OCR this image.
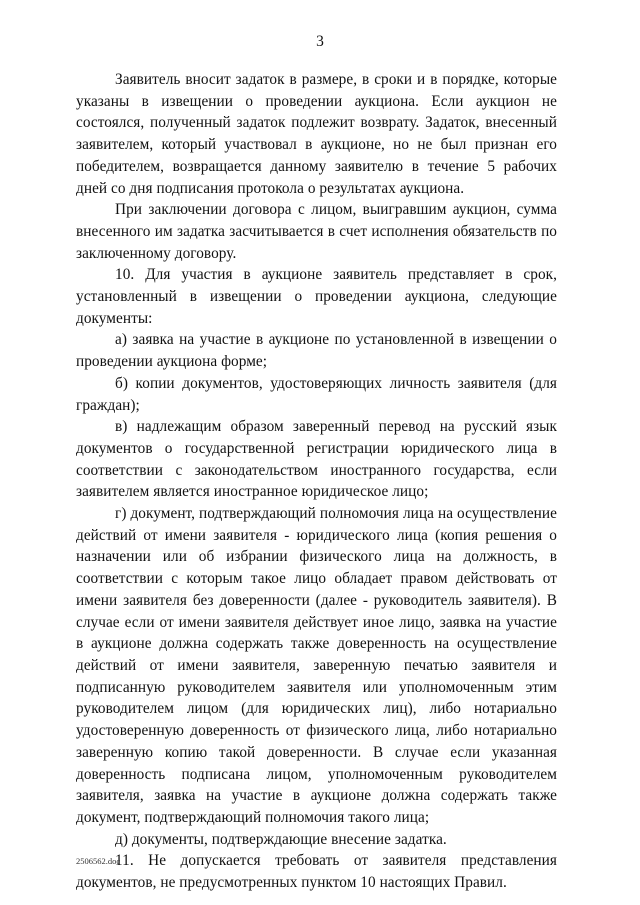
3

Заявитель вносит задаток в размере, в сроки и в порядке, которые указаны в извещении о проведении аукциона. Если аукцион не состоялся, полученный задаток подлежит возврату. Задаток, внесенный заявителем, который участвовал в аукционе, но не был признан его победителем, возвращается данному заявителю в течение 5 рабочих дней со дня подписания протокола о результатах аукциона.

При заключении договора с лицом, выигравшим аукцион, сумма внесенного им задатка засчитывается в счет исполнения обязательств по заключенному договору.

10. Для участия в аукционе заявитель представляет в срок, установленный в извещении о проведении аукциона, следующие документы:

а) заявка на участие в аукционе по установленной в извещении о проведении аукциона форме;

б) копии документов, удостоверяющих личность заявителя (для граждан);

в) надлежащим образом заверенный перевод на русский язык документов о государственной регистрации юридического лица в соответствии с законодательством иностранного государства, если заявителем является иностранное юридическое лицо;

г) документ, подтверждающий полномочия лица на осуществление действий от имени заявителя - юридического лица (копия решения о назначении или об избрании физического лица на должность, в соответствии с которым такое лицо обладает правом действовать от имени заявителя без доверенности (далее - руководитель заявителя). В случае если от имени заявителя действует иное лицо, заявка на участие в аукционе должна содержать также доверенность на осуществление действий от имени заявителя, заверенную печатью заявителя и подписанную руководителем заявителя или уполномоченным этим руководителем лицом (для юридических лиц), либо нотариально удостоверенную доверенность от физического лица, либо нотариально заверенную копию такой доверенности. В случае если указанная доверенность подписана лицом, уполномоченным руководителем заявителя, заявка на участие в аукционе должна содержать также документ, подтверждающий полномочия такого лица;

д) документы, подтверждающие внесение задатка.

11. Не допускается требовать от заявителя представления документов, не предусмотренных пунктом 10 настоящих Правил.

2506562.doc
